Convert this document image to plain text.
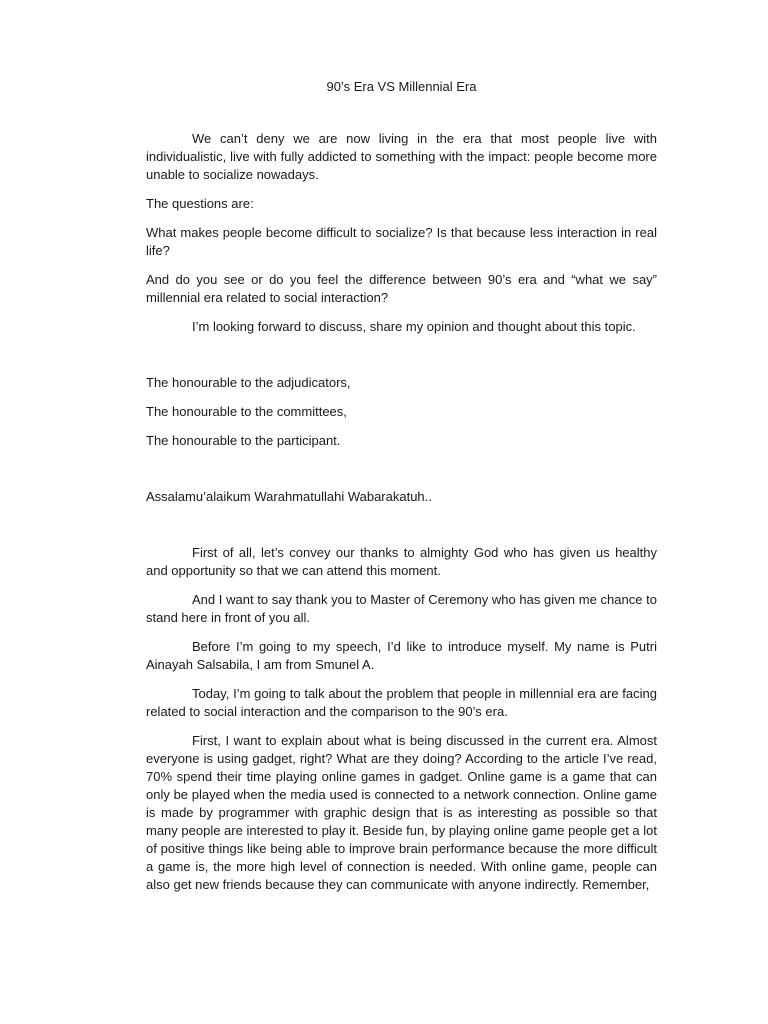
90’s Era VS Millennial Era

We can’t deny we are now living in the era that most people live with individualistic, live with fully addicted to something with the impact: people become more unable to socialize nowadays.

The questions are:

What makes people become difficult to socialize? Is that because less interaction in real life?

And do you see or do you feel the difference between 90’s era and “what we say” millennial era related to social interaction?

I’m looking forward to discuss, share my opinion and thought about this topic.

The honourable to the adjudicators,

The honourable to the committees,

The honourable to the participant.

Assalamu’alaikum Warahmatullahi Wabarakatuh..

First of all, let’s convey our thanks to almighty God who has given us healthy and opportunity so that we can attend this moment.

And I want to say thank you to Master of Ceremony who has given me chance to stand here in front of you all.

Before I’m going to my speech, I’d like to introduce myself. My name is Putri Ainayah Salsabila, I am from Smunel A.

Today, I’m going to talk about the problem that people in millennial era are facing related to social interaction and the comparison to the 90’s era.

First, I want to explain about what is being discussed in the current era. Almost everyone is using gadget, right? What are they doing? According to the article I’ve read, 70% spend their time playing online games in gadget. Online game is a game that can only be played when the media used is connected to a network connection. Online game is made by programmer with graphic design that is as interesting as possible so that many people are interested to play it. Beside fun, by playing online game people get a lot of positive things like being able to improve brain performance because the more difficult a game is, the more high level of connection is needed. With online game, people can also get new friends because they can communicate with anyone indirectly. Remember,
